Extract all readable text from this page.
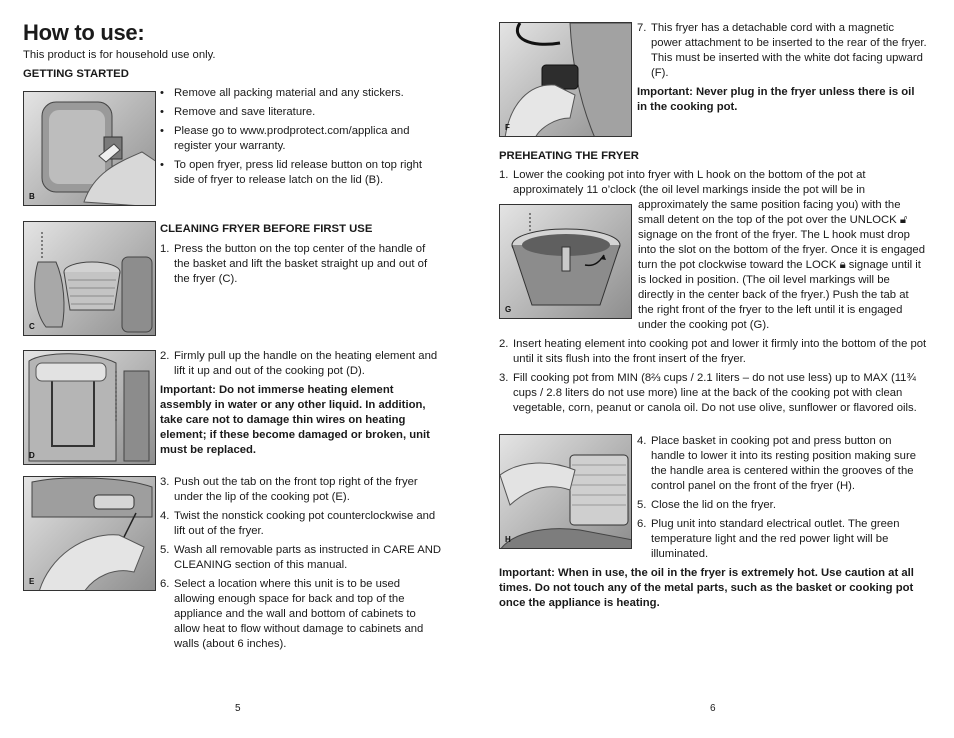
How to use:
This product is for household use only.
GETTING STARTED
B
• Remove all packing material and any stickers.
• Remove and save literature.
• Please go to www.prodprotect.com/applica and register your warranty.
• To open fryer, press lid release button on top right side of fryer to release latch on the lid (B).
C
CLEANING FRYER BEFORE FIRST USE
1. Press the button on the top center of the handle of the basket and lift the basket straight up and out of the fryer (C).
D
2. Firmly pull up the handle on the heating element and lift it up and out of the cooking pot (D).

Important: Do not immerse heating element assembly in water or any other liquid. In addition, take care not to damage thin wires on heating element; if these become damaged or broken, unit must be replaced.

E
3. Push out the tab on the front top right of the fryer under the lip of the cooking pot (E).
4. Twist the nonstick cooking pot counterclockwise and lift out of the fryer.
5. Wash all removable parts as instructed in CARE AND CLEANING section of this manual.
6. Select a location where this unit is to be used allowing enough space for back and top of the appliance and the wall and bottom of cabinets to allow heat to flow without damage to cabinets and walls (about 6 inches).
5
F
7. This fryer has a detachable cord with a magnetic power attachment to be inserted to the rear of the fryer. This must be inserted with the white dot facing upward (F).

Important: Never plug in the fryer unless there is oil in the cooking pot.

PREHEATING THE FRYER
1. Lower the cooking pot into fryer with L hook on the bottom of the pot at approximately 11 o’clock (the oil level markings inside the pot will be in
G

approximately the same position facing you) with the small detent on the top of the pot over the UNLOCK 🔓︎ signage on the front of the fryer. The L hook must drop into the slot on the bottom of the fryer. Once it is engaged turn the pot clockwise toward the LOCK 🔒︎ signage until it is locked in position. (The oil level markings will be directly in the center back of the fryer.) Push the tab at the right front of the fryer to the left until it is engaged under the cooking pot (G).

2. Insert heating element into cooking pot and lower it firmly into the bottom of the pot until it sits flush into the front insert of the fryer.
3. Fill cooking pot from MIN (8⅔ cups / 2.1 liters – do not use less) up to MAX (11¾ cups / 2.8 liters do not use more) line at the back of the cooking pot with clean vegetable, corn, peanut or canola oil. Do not use olive, sunflower or flavored oils.
H
4. Place basket in cooking pot and press button on handle to lower it into its resting position making sure the handle area is centered within the grooves of the control panel on the front of the fryer (H).
5. Close the lid on the fryer.
6. Plug unit into standard electrical outlet. The green temperature light and the red power light will be illuminated.
Important: When in use, the oil in the fryer is extremely hot. Use caution at all times. Do not touch any of the metal parts, such as the basket or cooking pot once the appliance is heating.
6
